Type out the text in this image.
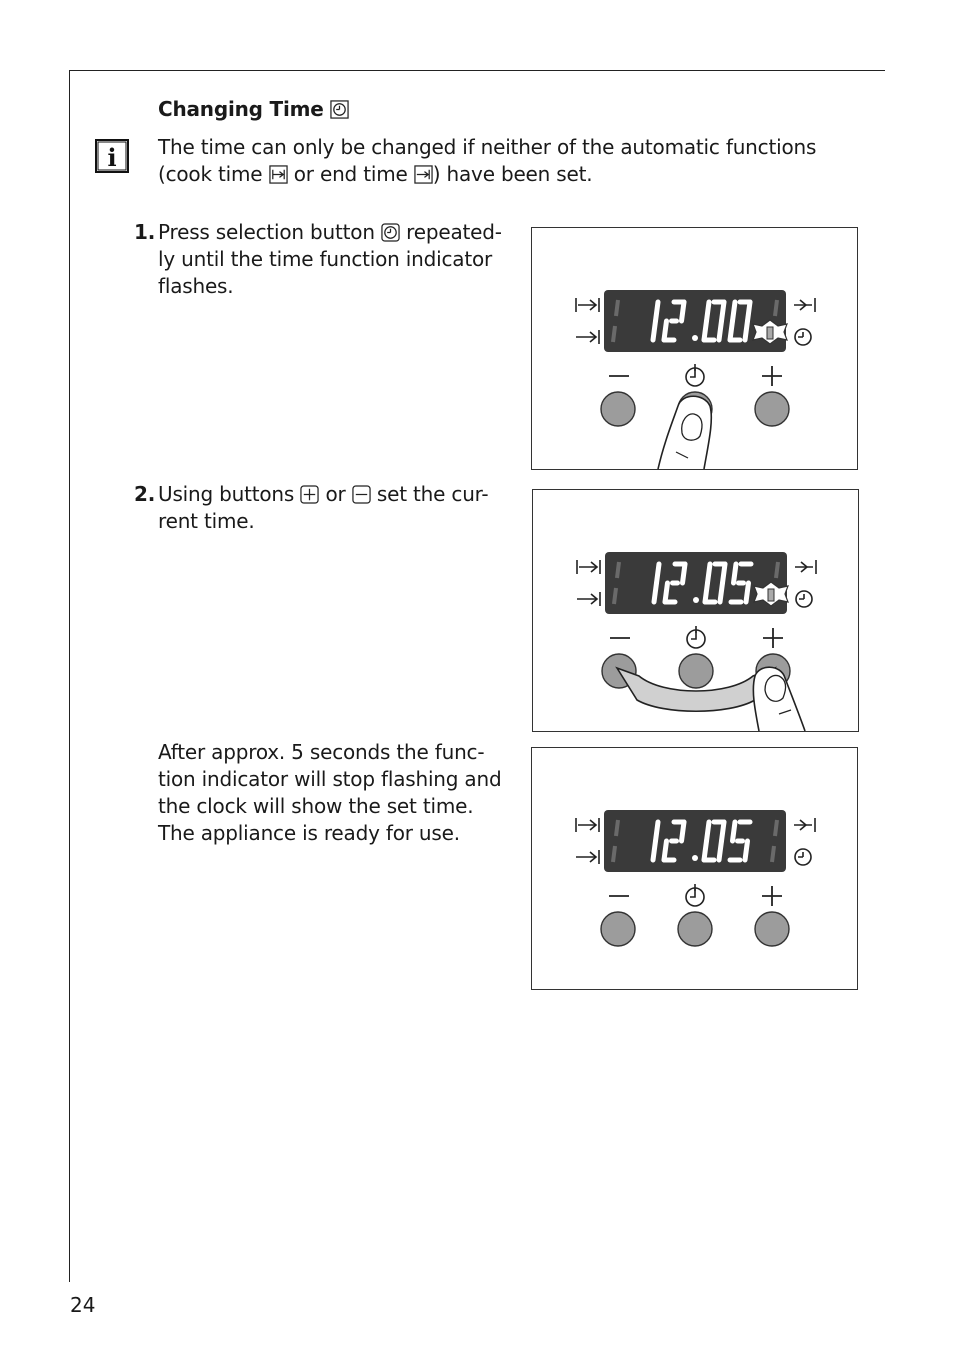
Changing Time
i The time can only be changed if neither of the automatic functions
(cook time or end time ) have been set.
1. Press selection button repeated-
ly until the time function indicator
flashes.
2. Using buttons or set the cur-
rent time.
After approx. 5 seconds the func-
tion indicator will stop flashing and
the clock will show the set time.
The appliance is ready for use.
24
